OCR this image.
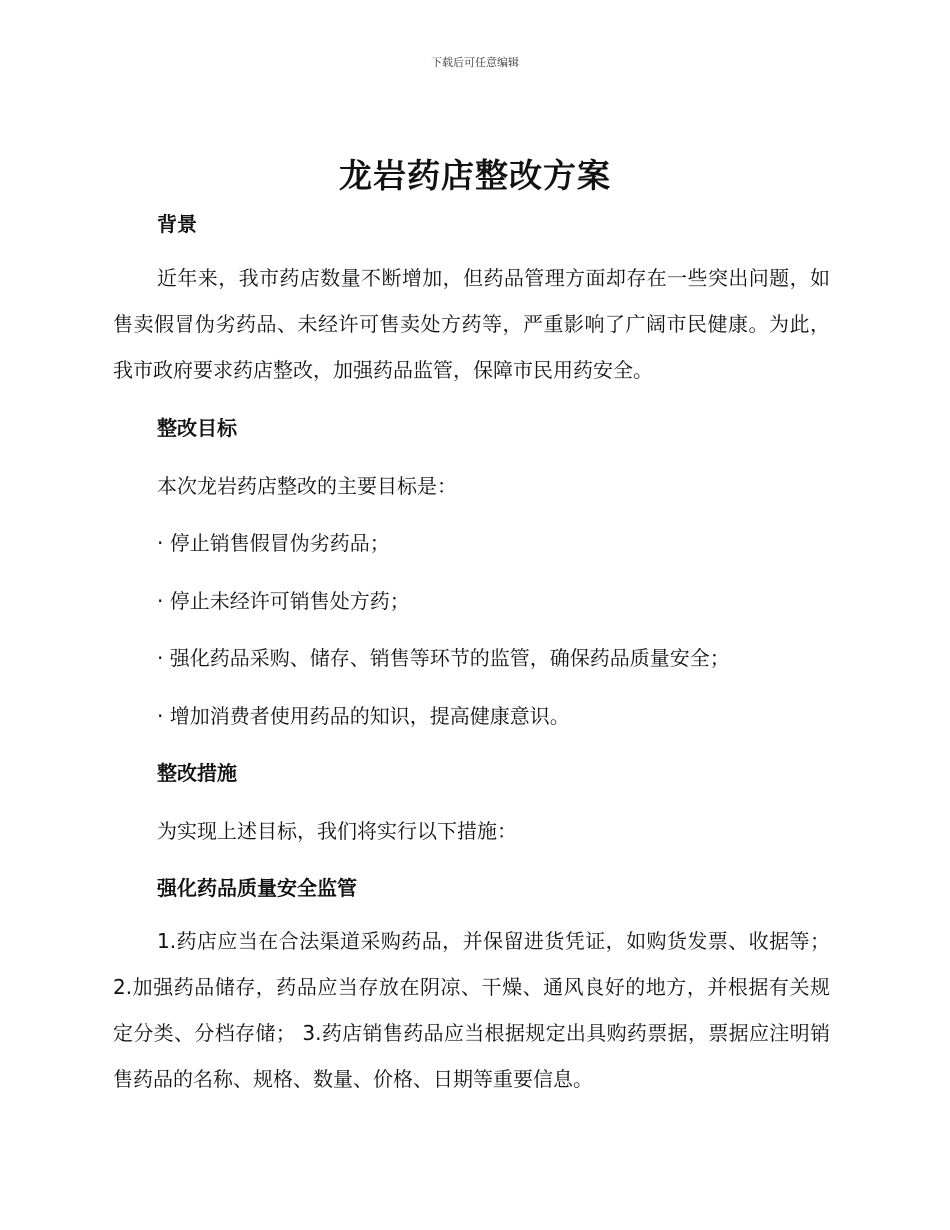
下载后可任意编辑
龙岩药店整改方案
背景
近年来，我市药店数量不断增加，但药品管理方面却存在一些突出问题，如售卖假冒伪劣药品、未经许可售卖处方药等，严重影响了广阔市民健康。为此，我市政府要求药店整改，加强药品监管，保障市民用药安全。
整改目标
本次龙岩药店整改的主要目标是：
· 停止销售假冒伪劣药品；
· 停止未经许可销售处方药；
· 强化药品采购、储存、销售等环节的监管，确保药品质量安全；
· 增加消费者使用药品的知识，提高健康意识。
整改措施
为实现上述目标，我们将实行以下措施：
强化药品质量安全监管
1.药店应当在合法渠道采购药品，并保留进货凭证，如购货发票、收据等； 2.加强药品储存，药品应当存放在阴凉、干燥、通风良好的地方，并根据有关规定分类、分档存储； 3.药店销售药品应当根据规定出具购药票据，票据应注明销售药品的名称、规格、数量、价格、日期等重要信息。
